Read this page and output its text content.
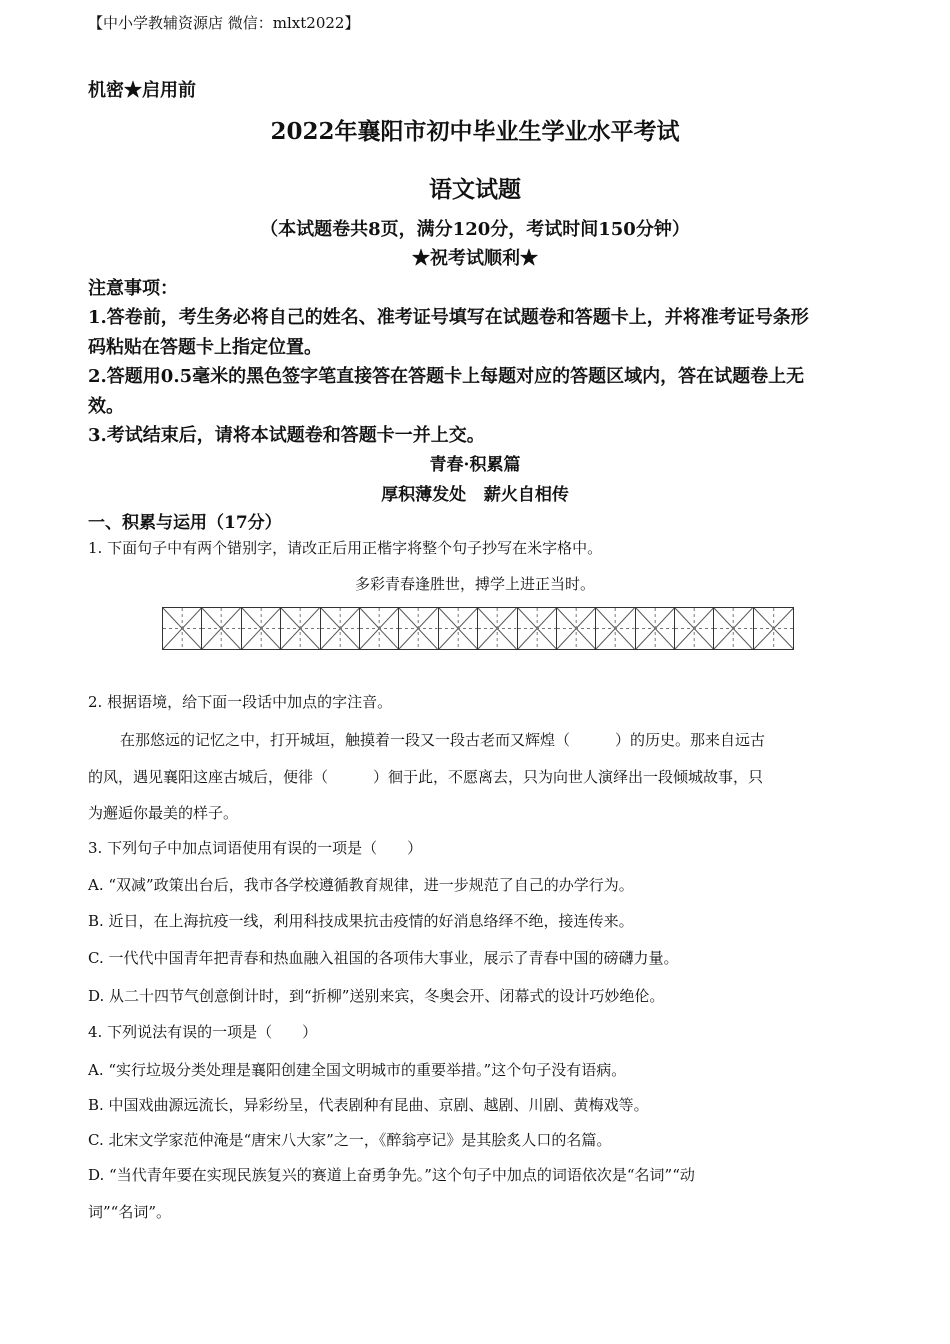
【中小学教辅资源店 微信：mlxt2022】
机密★启用前
2022年襄阳市初中毕业生学业水平考试
语文试题
（本试题卷共8页，满分120分，考试时间150分钟）
★祝考试顺利★
注意事项：
1.答卷前，考生务必将自己的姓名、准考证号填写在试题卷和答题卡上，并将准考证号条形
码粘贴在答题卡上指定位置。
2.答题用0.5毫米的黑色签字笔直接答在答题卡上每题对应的答题区域内，答在试题卷上无
效。
3.考试结束后，请将本试题卷和答题卡一并上交。
青春·积累篇
厚积薄发处   薪火自相传
一、积累与运用（17分）
1. 下面句子中有两个错别字，请改正后用正楷字将整个句子抄写在米字格中。
多彩青春逢胜世，搏学上进正当时。
2. 根据语境，给下面一段话中加点的字注音。
在那悠远的记忆之中，打开城垣，触摸着一段又一段古老而又辉煌（　　　）的历史。那来自远古
的风，遇见襄阳这座古城后，便徘（　　　）徊于此，不愿离去，只为向世人演绎出一段倾城故事，只
为邂逅你最美的样子。
3. 下列句子中加点词语使用有误的一项是（　　）
A. “双减”政策出台后，我市各学校遵循教育规律，进一步规范了自己的办学行为。
B. 近日，在上海抗疫一线，利用科技成果抗击疫情的好消息络绎不绝，接连传来。
C. 一代代中国青年把青春和热血融入祖国的各项伟大事业，展示了青春中国的磅礴力量。
D. 从二十四节气创意倒计时，到“折柳”送别来宾，冬奥会开、闭幕式的设计巧妙绝伦。
4. 下列说法有误的一项是（　　）
A. “实行垃圾分类处理是襄阳创建全国文明城市的重要举措。”这个句子没有语病。
B. 中国戏曲源远流长，异彩纷呈，代表剧种有昆曲、京剧、越剧、川剧、黄梅戏等。
C. 北宋文学家范仲淹是“唐宋八大家”之一，《醉翁亭记》是其脍炙人口的名篇。
D. “当代青年要在实现民族复兴的赛道上奋勇争先。”这个句子中加点的词语依次是“名词”“动
词”“名词”。
